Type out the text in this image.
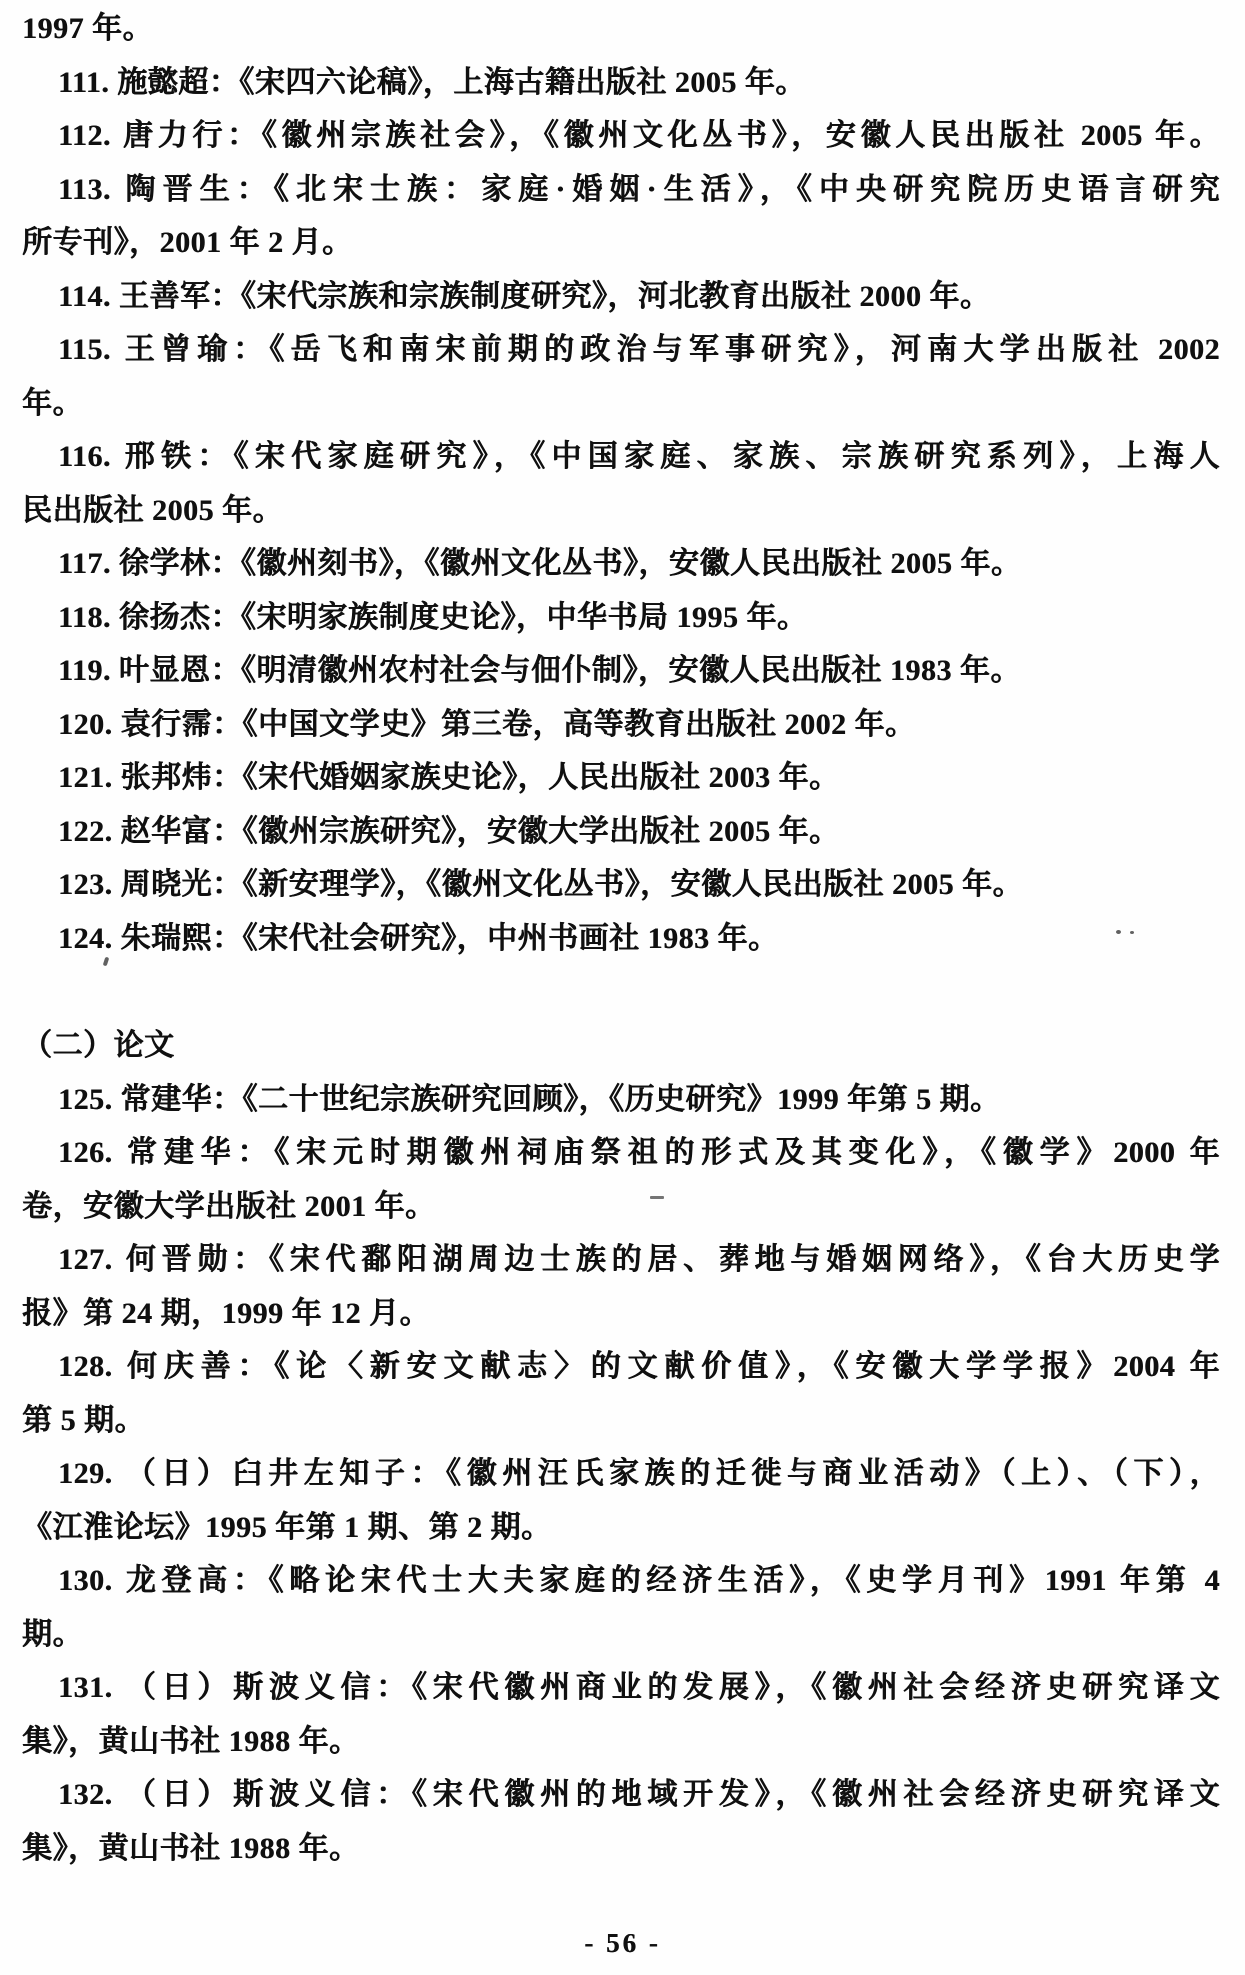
1997 年。
111. 施懿超：《宋四六论稿》，上海古籍出版社 2005 年。
112. 唐力行：《徽州宗族社会》，《徽州文化丛书》，安徽人民出版社 2005 年。
113. 陶晋生：《北宋士族：家庭·婚姻·生活》，《中央研究院历史语言研究
所专刊》，2001 年 2 月。
114. 王善军：《宋代宗族和宗族制度研究》，河北教育出版社 2000 年。
115. 王曾瑜：《岳飞和南宋前期的政治与军事研究》，河南大学出版社 2002
年。
116. 邢铁：《宋代家庭研究》，《中国家庭、家族、宗族研究系列》，上海人
民出版社 2005 年。
117. 徐学林：《徽州刻书》，《徽州文化丛书》，安徽人民出版社 2005 年。
118. 徐扬杰：《宋明家族制度史论》，中华书局 1995 年。
119. 叶显恩：《明清徽州农村社会与佃仆制》，安徽人民出版社 1983 年。
120. 袁行霈：《中国文学史》第三卷，高等教育出版社 2002 年。
121. 张邦炜：《宋代婚姻家族史论》，人民出版社 2003 年。
122. 赵华富：《徽州宗族研究》，安徽大学出版社 2005 年。
123. 周晓光：《新安理学》，《徽州文化丛书》，安徽人民出版社 2005 年。
124. 朱瑞熙：《宋代社会研究》，中州书画社 1983 年。
（二）论文
125. 常建华：《二十世纪宗族研究回顾》，《历史研究》1999 年第 5 期。
126. 常建华：《宋元时期徽州祠庙祭祖的形式及其变化》，《徽学》2000 年
卷，安徽大学出版社 2001 年。
127. 何晋勋：《宋代鄱阳湖周边士族的居、葬地与婚姻网络》，《台大历史学
报》第 24 期，1999 年 12 月。
128. 何庆善：《论〈新安文献志〉的文献价值》，《安徽大学学报》2004 年
第 5 期。
129. （日）臼井左知子：《徽州汪氏家族的迁徙与商业活动》（上）、（下），
《江淮论坛》1995 年第 1 期、第 2 期。
130. 龙登高：《略论宋代士大夫家庭的经济生活》，《史学月刊》1991 年第 4
期。
131. （日）斯波义信：《宋代徽州商业的发展》，《徽州社会经济史研究译文
集》，黄山书社 1988 年。
132. （日）斯波义信：《宋代徽州的地域开发》，《徽州社会经济史研究译文
集》，黄山书社 1988 年。
- 56 -
